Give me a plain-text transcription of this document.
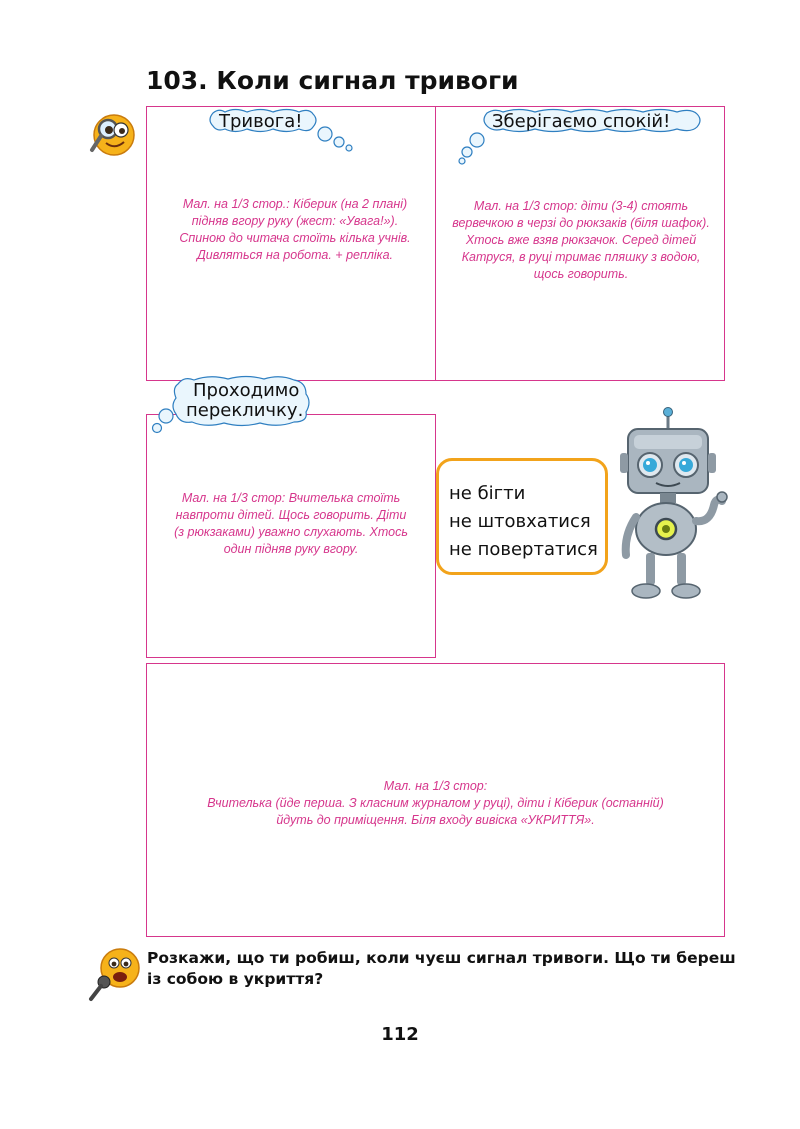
103. Коли сигнал тривоги
Тривога!
Мал. на 1/3 стор.: Кіберик (на 2 плані) підняв вгору руку (жест: «Увага!»). Спиною до читача стоїть кілька учнів. Дивляться на робота. + репліка.
Зберігаємо спокій!
Мал. на 1/3 стор: діти (3-4) стоять вервечкою в черзі до рюкзаків (біля шафок). Хтось вже взяв рюкзачок. Серед дітей Катруся, в руці тримає пляшку з водою, щось говорить.
Проходимо
перекличку.
Мал. на 1/3 стор: Вчителька стоїть навпроти дітей. Щось говорить. Діти (з рюкзаками) уважно слухають. Хтось один підняв руку вгору.
не бігти
не штовхатися
не повертатися
Мал. на 1/3 стор:
Вчителька (йде перша. З класним журналом у руці), діти і Кіберик (останній)
йдуть до приміщення. Біля входу вивіска «УКРИТТЯ».
Розкажи, що ти робиш, коли чуєш сигнал тривоги. Що ти береш із собою в укриття?
112
